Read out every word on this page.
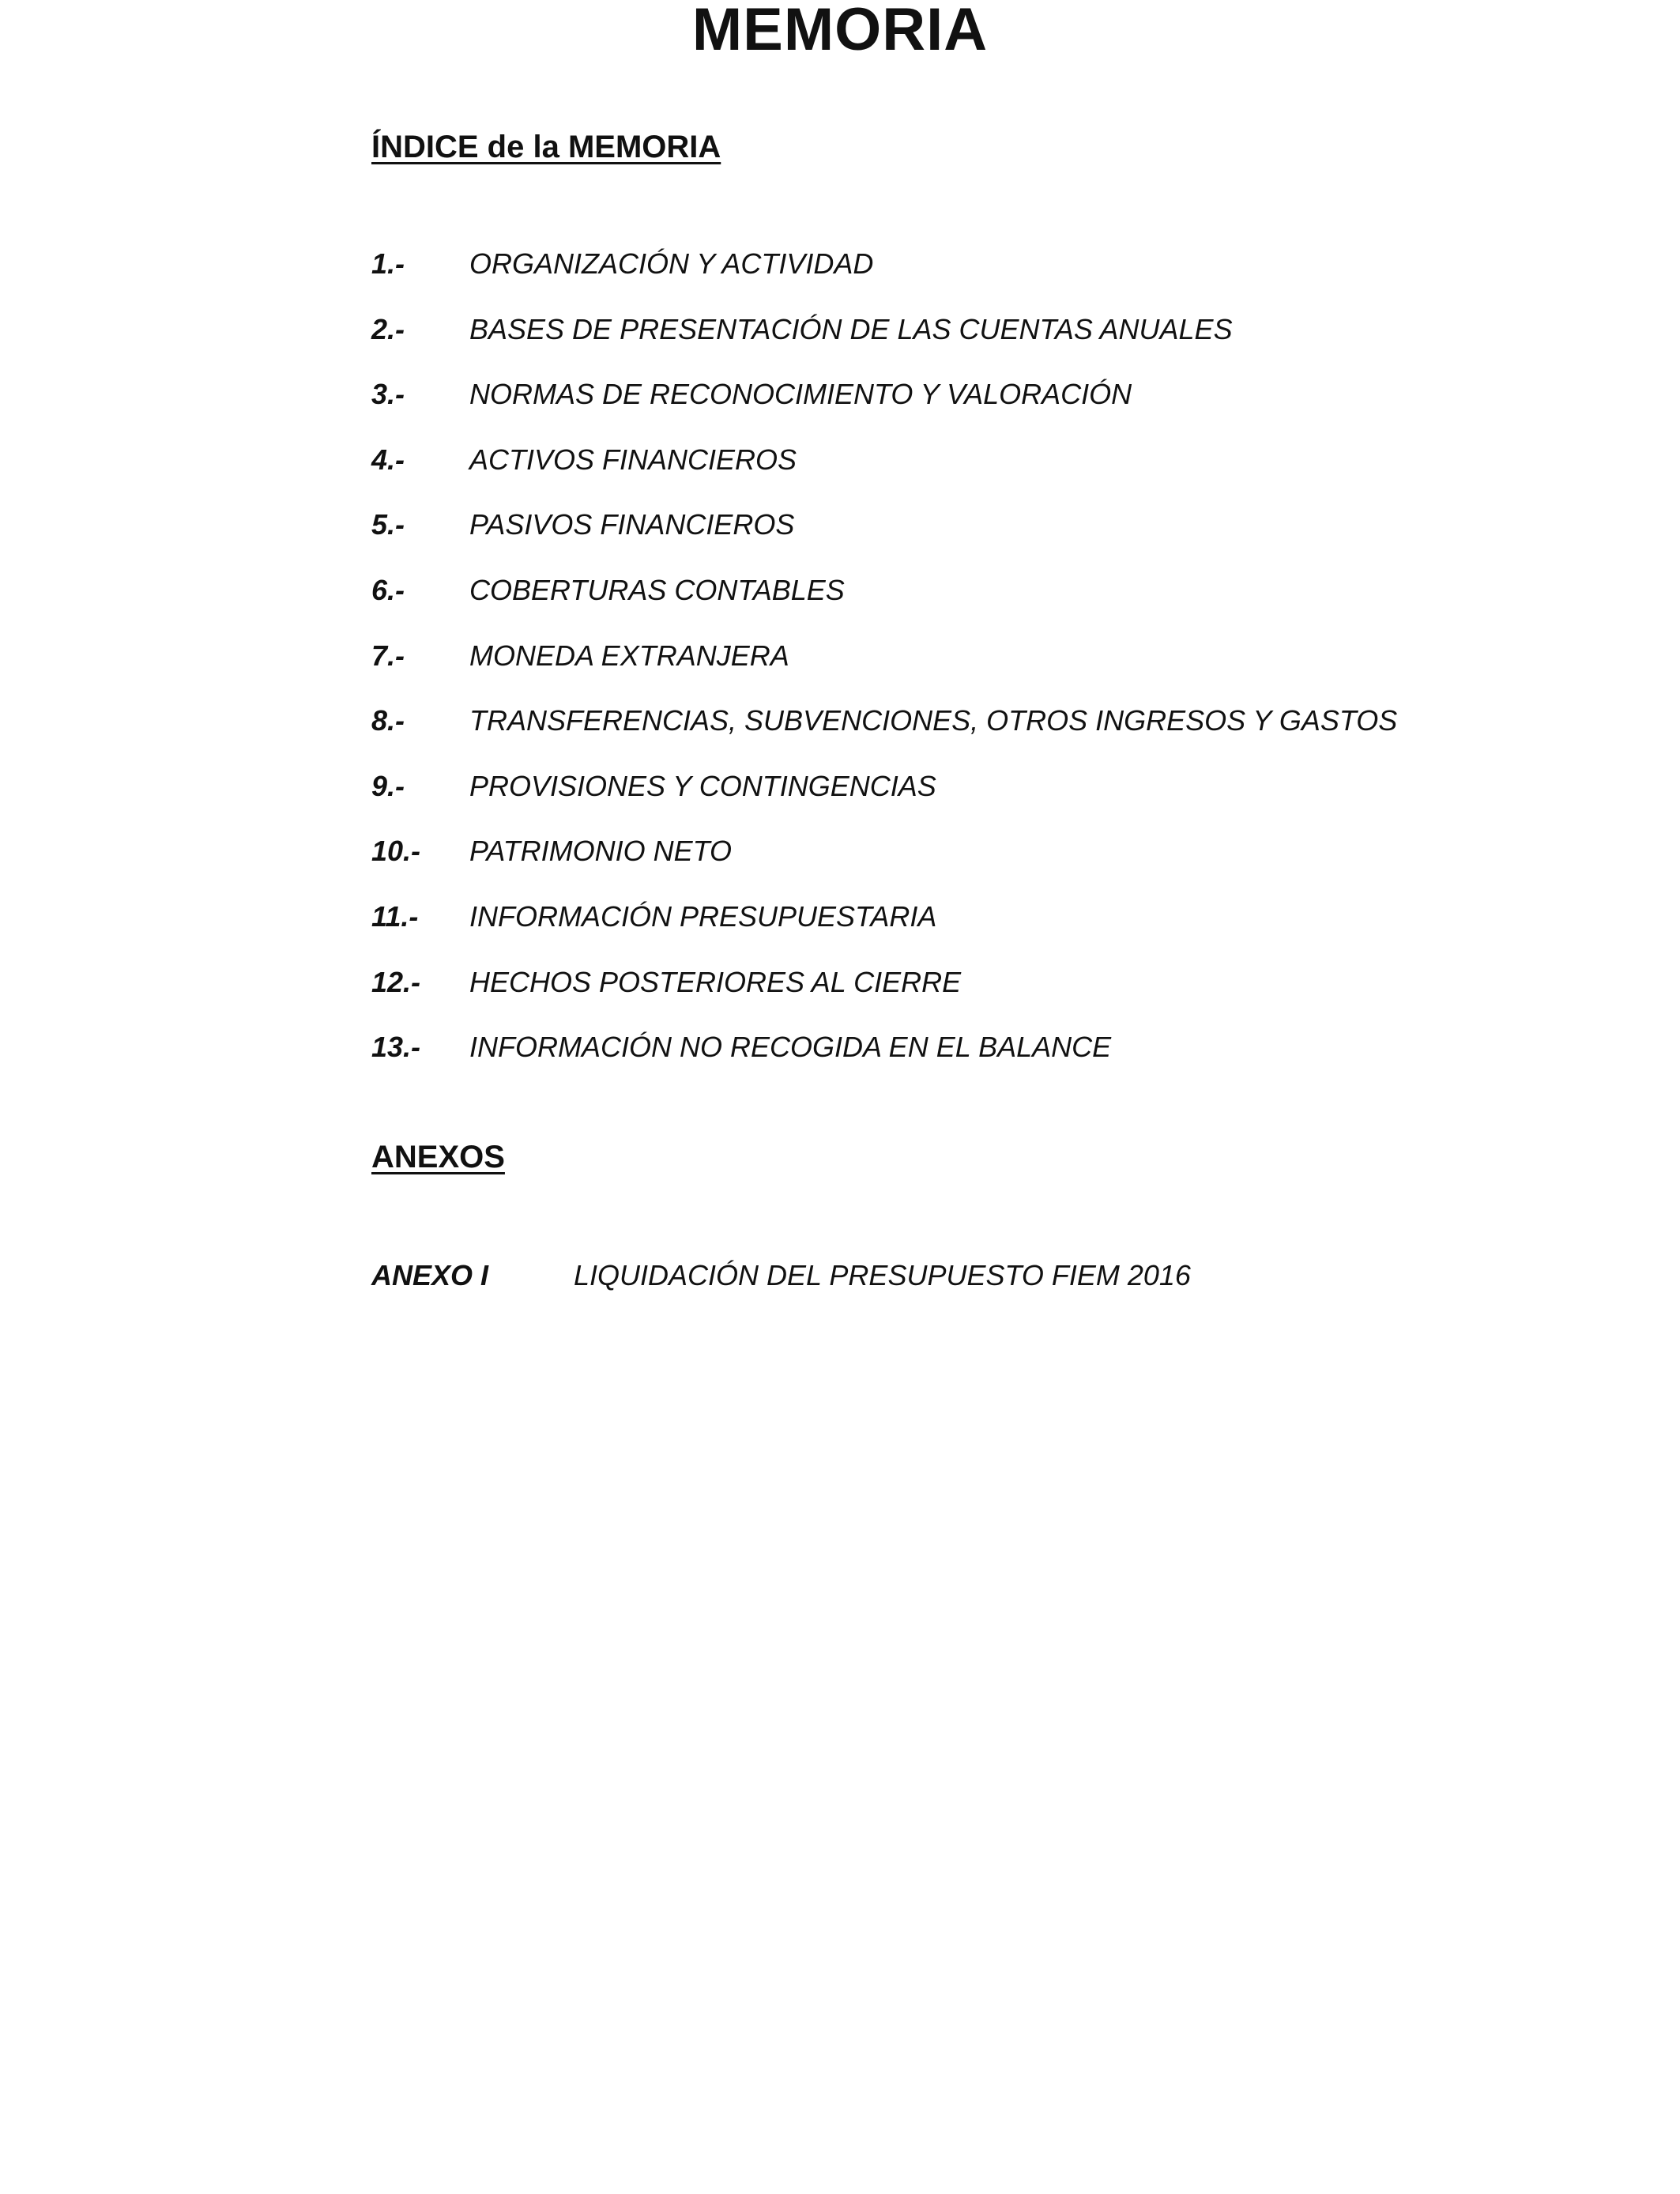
MEMORIA
ÍNDICE de la MEMORIA
1.-	ORGANIZACIÓN Y ACTIVIDAD
2.-	BASES DE PRESENTACIÓN DE LAS CUENTAS ANUALES
3.-	NORMAS DE RECONOCIMIENTO Y VALORACIÓN
4.-	ACTIVOS FINANCIEROS
5.-	PASIVOS FINANCIEROS
6.-	COBERTURAS CONTABLES
7.-	MONEDA EXTRANJERA
8.-	TRANSFERENCIAS, SUBVENCIONES, OTROS INGRESOS Y GASTOS
9.-	PROVISIONES Y CONTINGENCIAS
10.-	PATRIMONIO NETO
11.-	INFORMACIÓN PRESUPUESTARIA
12.-	HECHOS POSTERIORES AL CIERRE
13.-	INFORMACIÓN NO RECOGIDA EN EL BALANCE
ANEXOS
ANEXO I	LIQUIDACIÓN DEL PRESUPUESTO FIEM 2016
